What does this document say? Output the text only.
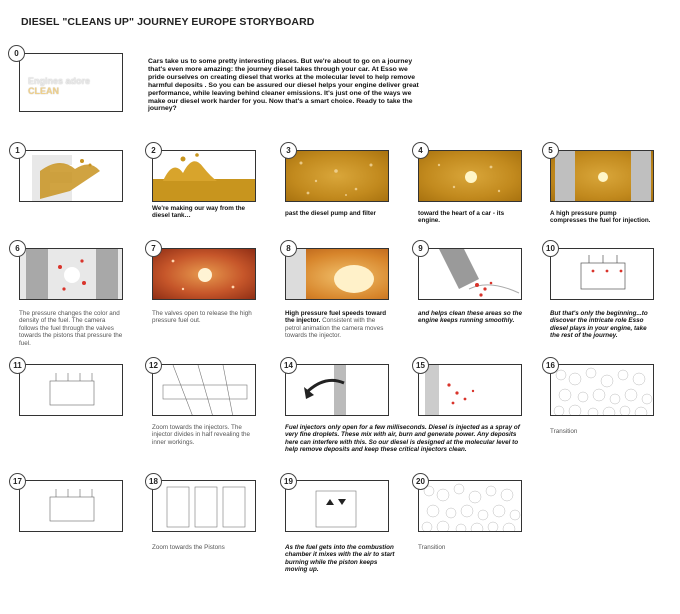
DIESEL "CLEANS UP" JOURNEY EUROPE STORYBOARD
0
Engines adore CLEAN
Cars take us to some pretty interesting places. But we're about to go on a journey that's even more amazing: the journey diesel takes through your car. At Esso we pride ourselves on creating diesel that works at the molecular level to help remove harmful deposits . So you can be assured our diesel helps your engine deliver great performance, while leaving behind cleaner emissions. It's just one of the ways we make our diesel work harder for you. Now that's a smart choice. Ready to take the journey?
1	2
We're making our way from the diesel tank…
3
past the diesel pump and filter
4
toward the heart of a car - its engine.
5
A high pressure pump compresses the fuel for injection.
6
The pressure changes the color and density of the fuel. The camera follows the fuel through the valves towards the pistons that pressure the fuel.
7
The valves open to release the high pressure fuel out.
8
High pressure fuel speeds toward the injector. Consistent with the petrol animation the camera moves towards the injector.
9
and helps clean these areas so the engine keeps running smoothly.
10
But that's only the beginning...to discover the intricate role Esso diesel plays in your engine, take the rest of the journey.
11	12
Zoom towards the injectors. The injector divides in half revealing the inner workings.
14	15
Fuel injectors only open for a few milliseconds. Diesel is injected as a spray of very fine droplets. These mix with air, burn and generate power. Any deposits here can interfere with this. So our diesel is designed at the molecular level to help remove deposits and keep these critical injectors clean.
16
Transition
17	18
Zoom towards the Pistons
19
As the fuel gets into the combustion chamber it mixes with the air to start burning while the piston keeps moving up.
20
Transition
